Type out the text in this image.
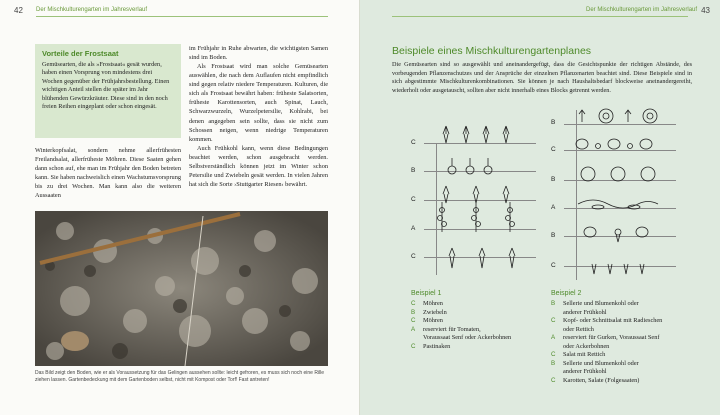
42 Der Mischkulturengarten im Jahresverlauf
Vorteile der Frostsaat

Gemüsearten, die als »Frostsaat« gesät wurden, haben einen Vorsprung von mindestens drei Wochen gegenüber der Frühjahrsbestellung. Einen wichtigen Anteil stellen die später im Jahr blühenden Gewürzkräuter. Diese sind in den noch freien Reihen eingeplant oder schon eingesät.

Winterkopfsalat, sondern nehme allerfrühesten Freilandsalat, allerfrüheste Möhren. Diese Saaten gehen dann schon auf, ehe man im Frühjahr den Boden betreten kann. Sie haben nachweislich einen Wachstumsvorsprung bis zu drei Wochen. Man kann also die weiteren Aussaaten
im Frühjahr in Ruhe abwarten, die wichtigsten Samen sind im Boden.
Als Frostsaat wird man solche Gemüsearten auswählen, die nach dem Auflaufen nicht empfindlich sind gegen relativ niedere Temperaturen. Kulturen, die sich als Frostsaat bewährt haben: früheste Salatsorten, früheste Karottensorten, auch Spinat, Lauch, Schwarzwurzeln, Wurzelpetersilie, Kohlrabi, bei denen angegeben sein sollte, dass sie nicht zum Schossen neigen, wenn niedrige Temperaturen kommen.
Auch Frühkohl kann, wenn diese Bedingungen beachtet werden, schon ausgebracht werden. Selbstverständlich können jetzt im Winter schon Petersilie und Zwiebeln gesät werden. In vielen Jahren hat sich die Sorte ›Stuttgarter Riesen‹ bewährt.
Das Bild zeigt den Boden, wie er als Voraussetzung für das Gelingen aussehen sollte: leicht gefroren, es muss sich noch eine Rille ziehen lassen. Gartenbedeckung mit dem Gartenboden selbst, nicht mit Kompost oder Torf! Fast antreten!
Der Mischkulturengarten im Jahresverlauf 43
Beispiele eines Mischkulturengartenplanes
Die Gemüsearten sind so ausgewählt und aneinandergefügt, dass die Gesichtspunkte der richtigen Abstände, des vorbeugenden Pflanzenschutzes und der Ansprüche der einzelnen Pflanzenarten beachtet sind. Diese Beispiele sind in sich abgestimmte Mischkulturenkombinationen. Sie können je nach Haushaltsbedarf blockweise aneinandergereiht, wiederholt oder ausgetauscht, sollten aber nicht innerhalb eines Blocks getrennt werden.
C
B
C
A
C
B
C
B
A
B
C
Beispiel 1
C Möhren
B Zwiebeln
C Möhren
A reserviert für Tomaten,
Voraussaat Senf oder Ackerbohnen
C Pastinaken
Beispiel 2
B Sellerie und Blumenkohl oder
anderer Frühkohl
C Kopf- oder Schnittsalat mit Radieschen
oder Rettich
A reserviert für Gurken, Voraussaat Senf
oder Ackerbohnen
C Salat mit Rettich
B Sellerie und Blumenkohl oder
anderer Frühkohl
C Karotten, Salate (Folgesaaten)
